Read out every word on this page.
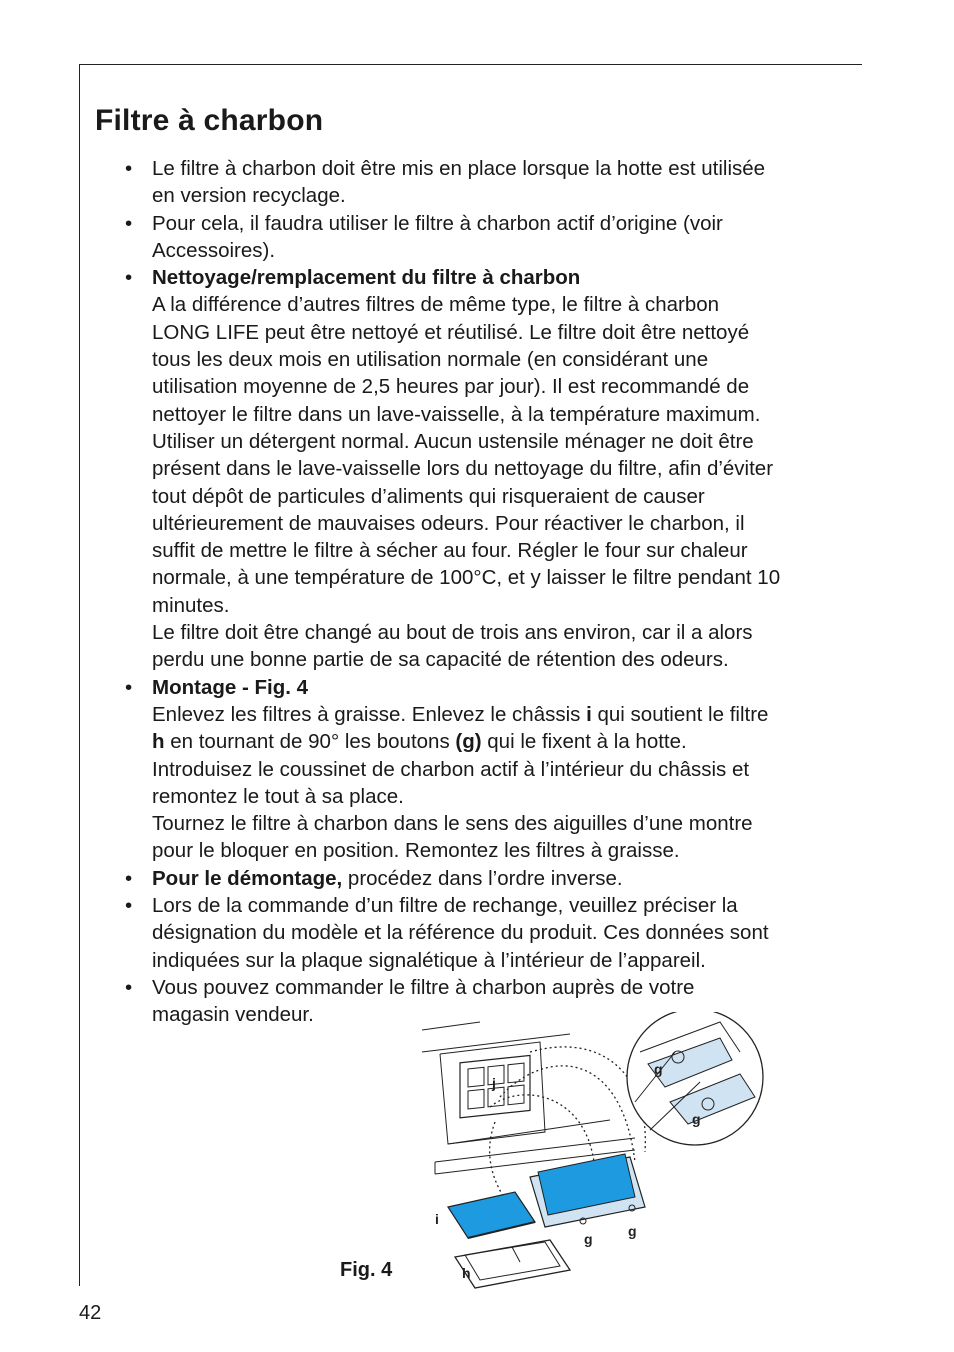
Filtre à charbon
• Le filtre à charbon doit être mis en place lorsque la hotte est utilisée
en version recyclage.
• Pour cela, il faudra utiliser le filtre à charbon actif d’origine (voir
Accessoires).
• Nettoyage/remplacement du filtre à charbon
A la différence d’autres filtres de même type, le filtre à charbon
LONG LIFE peut être nettoyé et réutilisé. Le filtre doit être nettoyé
tous les deux mois en utilisation normale (en considérant une
utilisation moyenne de 2,5 heures par jour). Il est recommandé de
nettoyer le filtre dans un lave-vaisselle, à la température maximum.
Utiliser un détergent normal. Aucun ustensile ménager ne doit être
présent dans le lave-vaisselle lors du nettoyage du filtre, afin d’éviter
tout dépôt de particules d’aliments qui risqueraient de causer
ultérieurement de mauvaises odeurs. Pour réactiver le charbon, il
suffit de mettre le filtre à sécher au four. Régler le four sur chaleur
normale, à une température de 100°C, et y laisser le filtre pendant 10
minutes.
Le filtre doit être changé au bout de trois ans environ, car il a alors
perdu une bonne partie de sa capacité de rétention des odeurs.
• Montage - Fig. 4
Enlevez les filtres à graisse. Enlevez le châssis i qui soutient le filtre
h en tournant de 90° les boutons (g) qui le fixent à la hotte.
Introduisez le coussinet de charbon actif à l’intérieur du châssis et
remontez le tout à sa place.
Tournez le filtre à charbon dans le sens des aiguilles d’une montre
pour le bloquer en position. Remontez les filtres à graisse.
• Pour le démontage, procédez dans l’ordre inverse.
• Lors de la commande d’un filtre de rechange, veuillez préciser la
désignation du modèle et la référence du produit. Ces données sont
indiquées sur la plaque signalétique à l’intérieur de l’appareil.
• Vous pouvez commander le filtre à charbon auprès de votre
magasin vendeur.
j
i
h
g	g
g
g
Fig. 4
42
